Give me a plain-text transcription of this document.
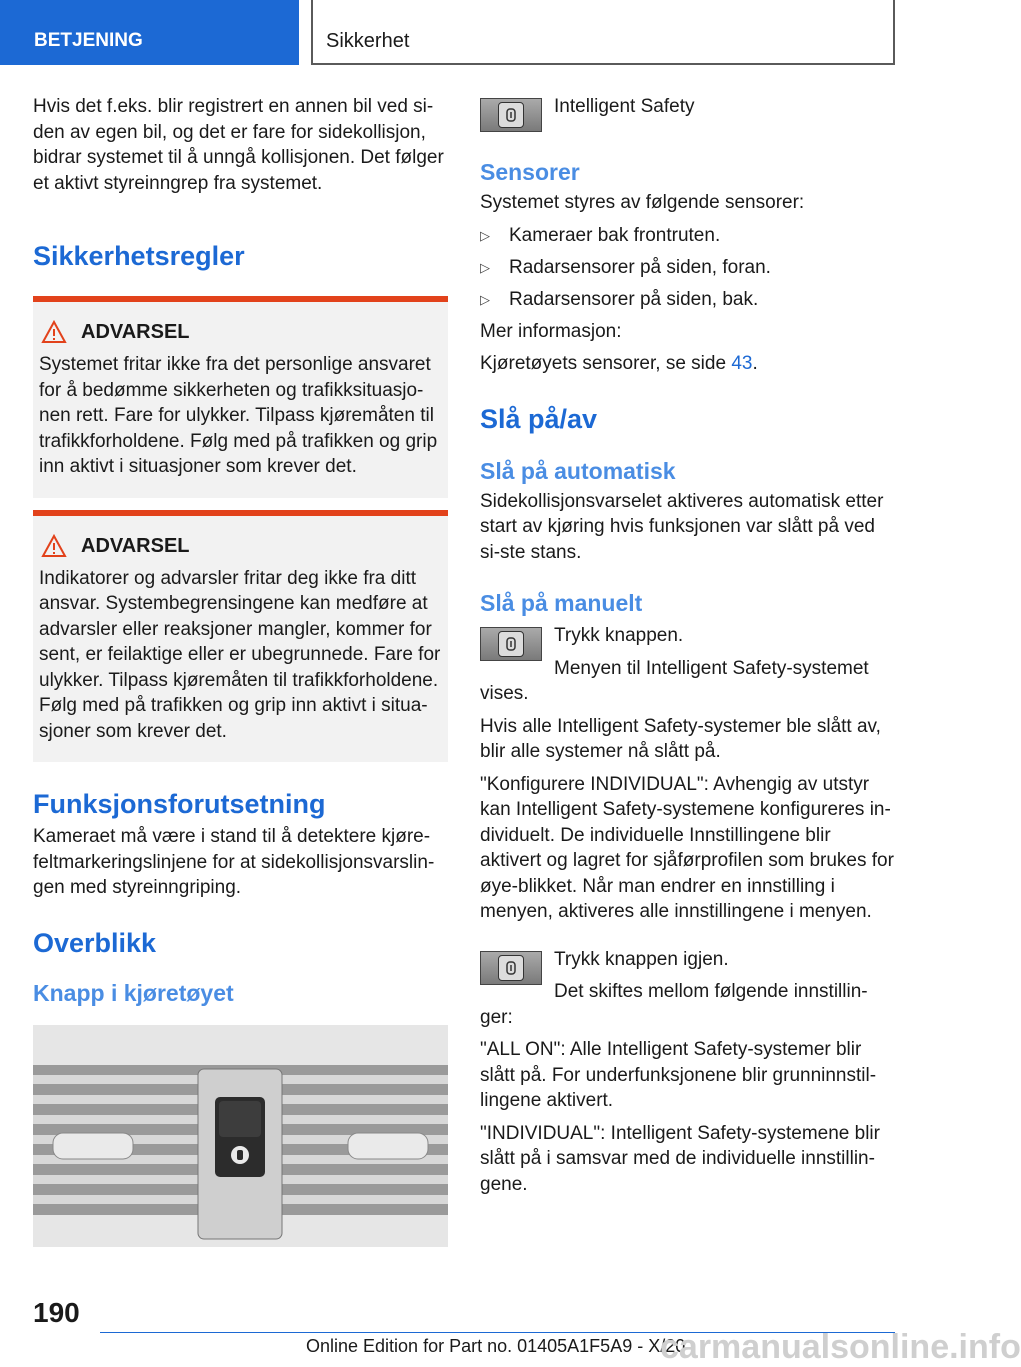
BETJENING	Sikkerhet

Hvis det f.eks. blir registrert en annen bil ved si-den av egen bil, og det er fare for sidekollisjon, bidrar systemet til å unngå kollisjonen. Det følger et aktivt styreinngrep fra systemet.

Sikkerhetsregler
ADVARSEL

Systemet fritar ikke fra det personlige ansvaret for å bedømme sikkerheten og trafikksituasjo-nen rett. Fare for ulykker. Tilpass kjøremåten til trafikkforholdene. Følg med på trafikken og grip inn aktivt i situasjoner som krever det.

ADVARSEL

Indikatorer og advarsler fritar deg ikke fra ditt ansvar. Systembegrensingene kan medføre at advarsler eller reaksjoner mangler, kommer for sent, er feilaktige eller er ubegrunnede. Fare for ulykker. Tilpass kjøremåten til trafikkforholdene. Følg med på trafikken og grip inn aktivt i situa-sjoner som krever det.

Funksjonsforutsetning

Kameraet må være i stand til å detektere kjøre-feltmarkeringslinjene for at sidekollisjonsvarslin-gen med styreinngriping.

Overblikk
Knapp i kjøretøyet

Intelligent Safety

Sensorer

Systemet styres av følgende sensorer:

▷	Kameraer bak frontruten.
▷	Radarsensorer på siden, foran.
▷	Radarsensorer på siden, bak.

Mer informasjon:

Kjøretøyets sensorer, se side 43.

Slå på/av
Slå på automatisk

Sidekollisjonsvarselet aktiveres automatisk etter start av kjøring hvis funksjonen var slått på ved si-ste stans.

Slå på manuelt

Trykk knappen.

Menyen til Intelligent Safety-systemet

vises.

Hvis alle Intelligent Safety-systemer ble slått av, blir alle systemer nå slått på.

"Konfigurere INDIVIDUAL": Avhengig av utstyr kan Intelligent Safety-systemene konfigureres in-dividuelt. De individuelle Innstillingene blir aktivert og lagret for sjåførprofilen som brukes for øye-blikket. Når man endrer en innstilling i menyen, aktiveres alle innstillingene i menyen.

Trykk knappen igjen.

Det skiftes mellom følgende innstillin-

ger:

"ALL ON": Alle Intelligent Safety-systemer blir slått på. For underfunksjonene blir grunninnstil-lingene aktivert.

"INDIVIDUAL": Intelligent Safety-systemene blir slått på i samsvar med de individuelle innstillin-gene.

190
Online Edition for Part no. 01405A1F5A9 - X/20
carmanualsonline.info
